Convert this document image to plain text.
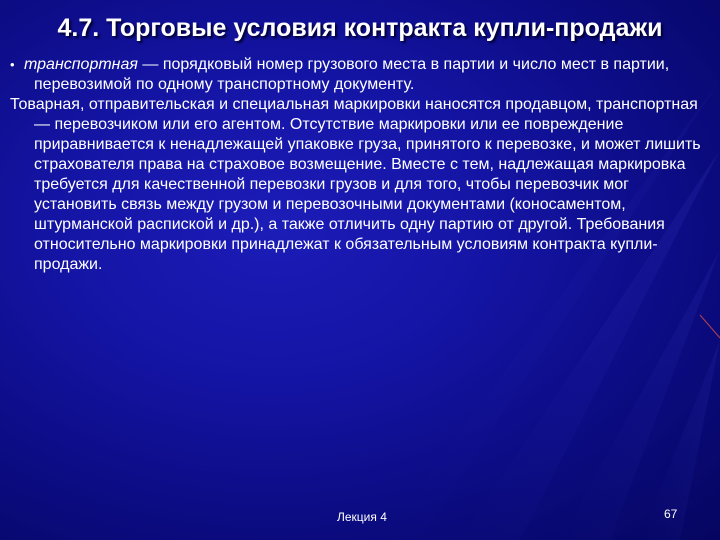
4.7. Торговые условия контракта купли-продажи
• транспортная — порядковый номер грузового места в партии и число мест в партии, перевозимой по одному транспортному документу.
Товарная, отправительская и специальная маркировки наносятся продавцом, транспортная — перевозчиком или его агентом. Отсутствие маркировки или ее повреждение приравнивается к ненадлежащей упаковке груза, принятого к перевозке, и может лишить страхователя права на страховое возмещение. Вместе с тем, надлежащая маркировка требуется для качественной перевозки грузов и для того, чтобы перевозчик мог установить связь между грузом и перевозочными документами (коносаментом, штурманской распиской и др.), а также отличить одну партию от другой. Требования относительно маркировки принадлежат к обязательным условиям контракта купли-продажи.
Лекция 4	67
